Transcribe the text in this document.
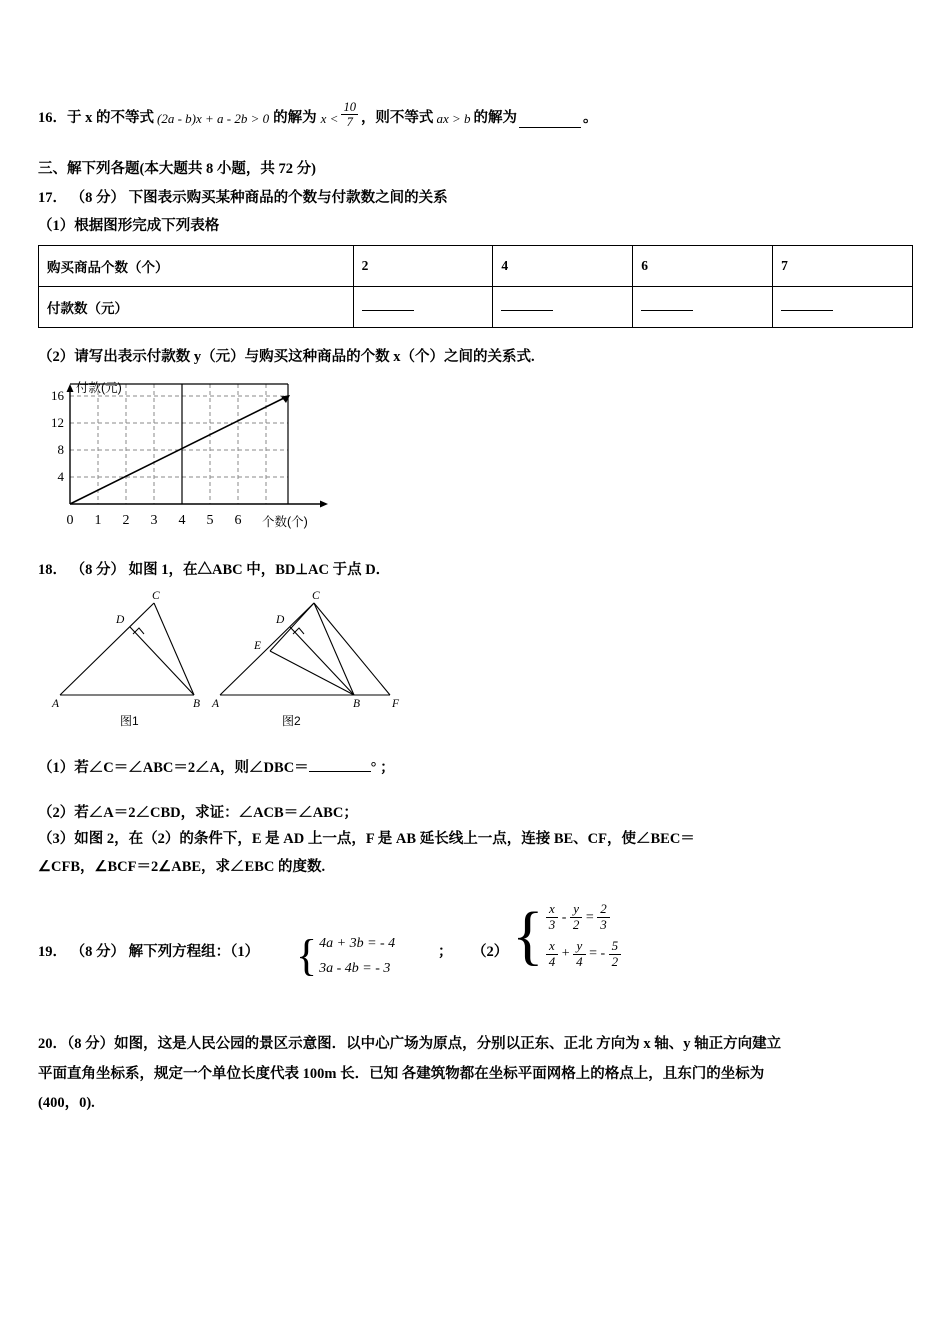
16． 于 x 的不等式 (2a - b)x + a - 2b > 0 的解为 $x < \frac{10}{7}$ ，则不等式 ax > b 的解为	。
三、解下列各题(本大题共 8 小题，共 72 分)
17． （8 分） 下图表示购买某种商品的个数与付款数之间的关系
（1）根据图形完成下列表格
购买商品个数（个）	2	4	6	7
付款数（元）				
（2）请写出表示付款数 y（元）与购买这种商品的个数 x（个）之间的关系式.
16
12
8
4
0 1 2 3 4 5 6
付款(元)
个数(个)
18． （8 分） 如图 1，在△ABC 中，BD⊥AC 于点 D．
A	B
C
D
图1
A	B
C
D
E
F
图2
（1）若∠C＝∠ABC＝2∠A，则∠DBC＝	° ；
（2）若∠A＝2∠CBD，求证：∠ACB＝∠ABC；
（3）如图 2，在（2）的条件下，E 是 AD 上一点，F 是 AB 延长线上一点，连接 BE、CF，使∠BEC＝
∠CFB，∠BCF＝2∠ABE，求∠EBC 的度数.
19． （8 分） 解下列方程组：（1） { 4a + 3b = - 4
3a - 4b = - 3
； （2） { $\frac{x}{3} - \frac{y}{2} = \frac{2}{3}$
$\frac{x}{4} + \frac{y}{4}$ = - $\frac{5}{2}$
20．（8 分）如图，这是人民公园的景区示意图．以中心广场为原点，分别以正东、正北 方向为 x 轴、y 轴正方向建立
平面直角坐标系，规定一个单位长度代表 100m 长．已知 各建筑物都在坐标平面网格上的格点上，且东门的坐标为
(400，0).
